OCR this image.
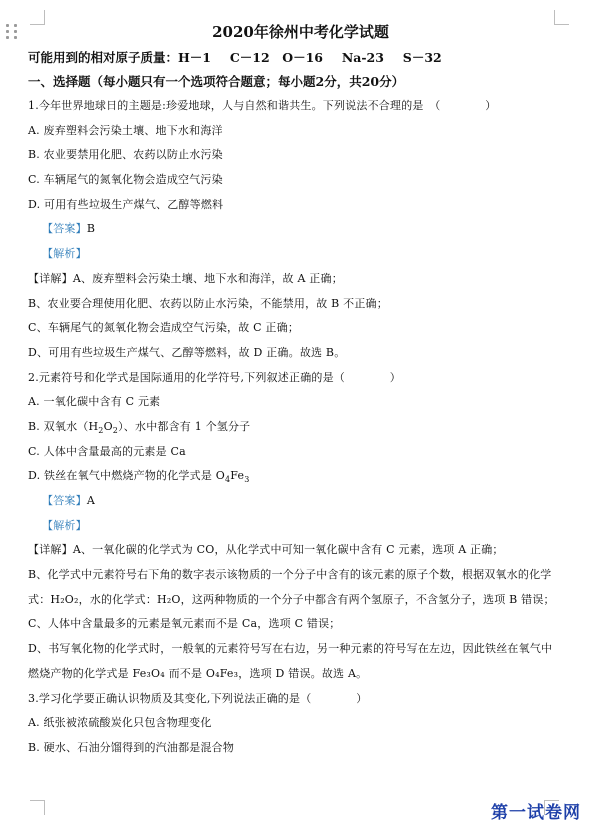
2020年徐州中考化学试题

可能用到的相对原子质量：H－1　 C－12　O－16　 Na-23　 S－32

一、选择题（每小题只有一个选项符合题意；每小题2分，共20分）

1.今年世界地球日的主题是:珍爱地球，人与自然和谐共生。下列说法不合理的是　（　　　　）

A. 废弃塑料会污染土壤、地下水和海洋

B. 农业要禁用化肥、农药以防止水污染

C. 车辆尾气的氮氧化物会造成空气污染

D. 可用有些垃圾生产煤气、乙醇等燃料

【答案】B

【解析】

【详解】A、废弃塑料会污染土壤、地下水和海洋，故 A 正确；

B、农业要合理使用化肥、农药以防止水污染，不能禁用，故 B 不正确；

C、车辆尾气的氮氧化物会造成空气污染，故 C 正确；

D、可用有些垃圾生产煤气、乙醇等燃料，故 D 正确。故选 B。

2.元素符号和化学式是国际通用的化学符号,下列叙述正确的是（　　　　）

A. 一氧化碳中含有 C 元素

B. 双氧水$(H_2O_2)$、水中都含有 1 个氢分子

C. 人体中含量最高的元素是 Ca

D. 铁丝在氧气中燃烧产物的化学式是 $O_4Fe_3$

【答案】A

【解析】

【详解】A、一氧化碳的化学式为 CO，从化学式中可知一氧化碳中含有 C 元素，选项 A 正确；

B、化学式中元素符号右下角的数字表示该物质的一个分子中含有的该元素的原子个数，根据双氧水的化学

式：H₂O₂，水的化学式：H₂O，这两种物质的一个分子中都含有两个氢原子，不含氢分子，选项 B 错误；

C、人体中含量最多的元素是氧元素而不是 Ca，选项 C 错误；

D、书写氧化物的化学式时，一般氧的元素符号写在右边，另一种元素的符号写在左边，因此铁丝在氧气中

燃烧产物的化学式是 Fe₃O₄ 而不是 O₄Fe₃，选项 D 错误。故选 A。

3.学习化学要正确认识物质及其变化,下列说法正确的是（　　　　）

A. 纸张被浓硫酸炭化只包含物理变化

B. 硬水、石油分馏得到的汽油都是混合物

第一试卷网
